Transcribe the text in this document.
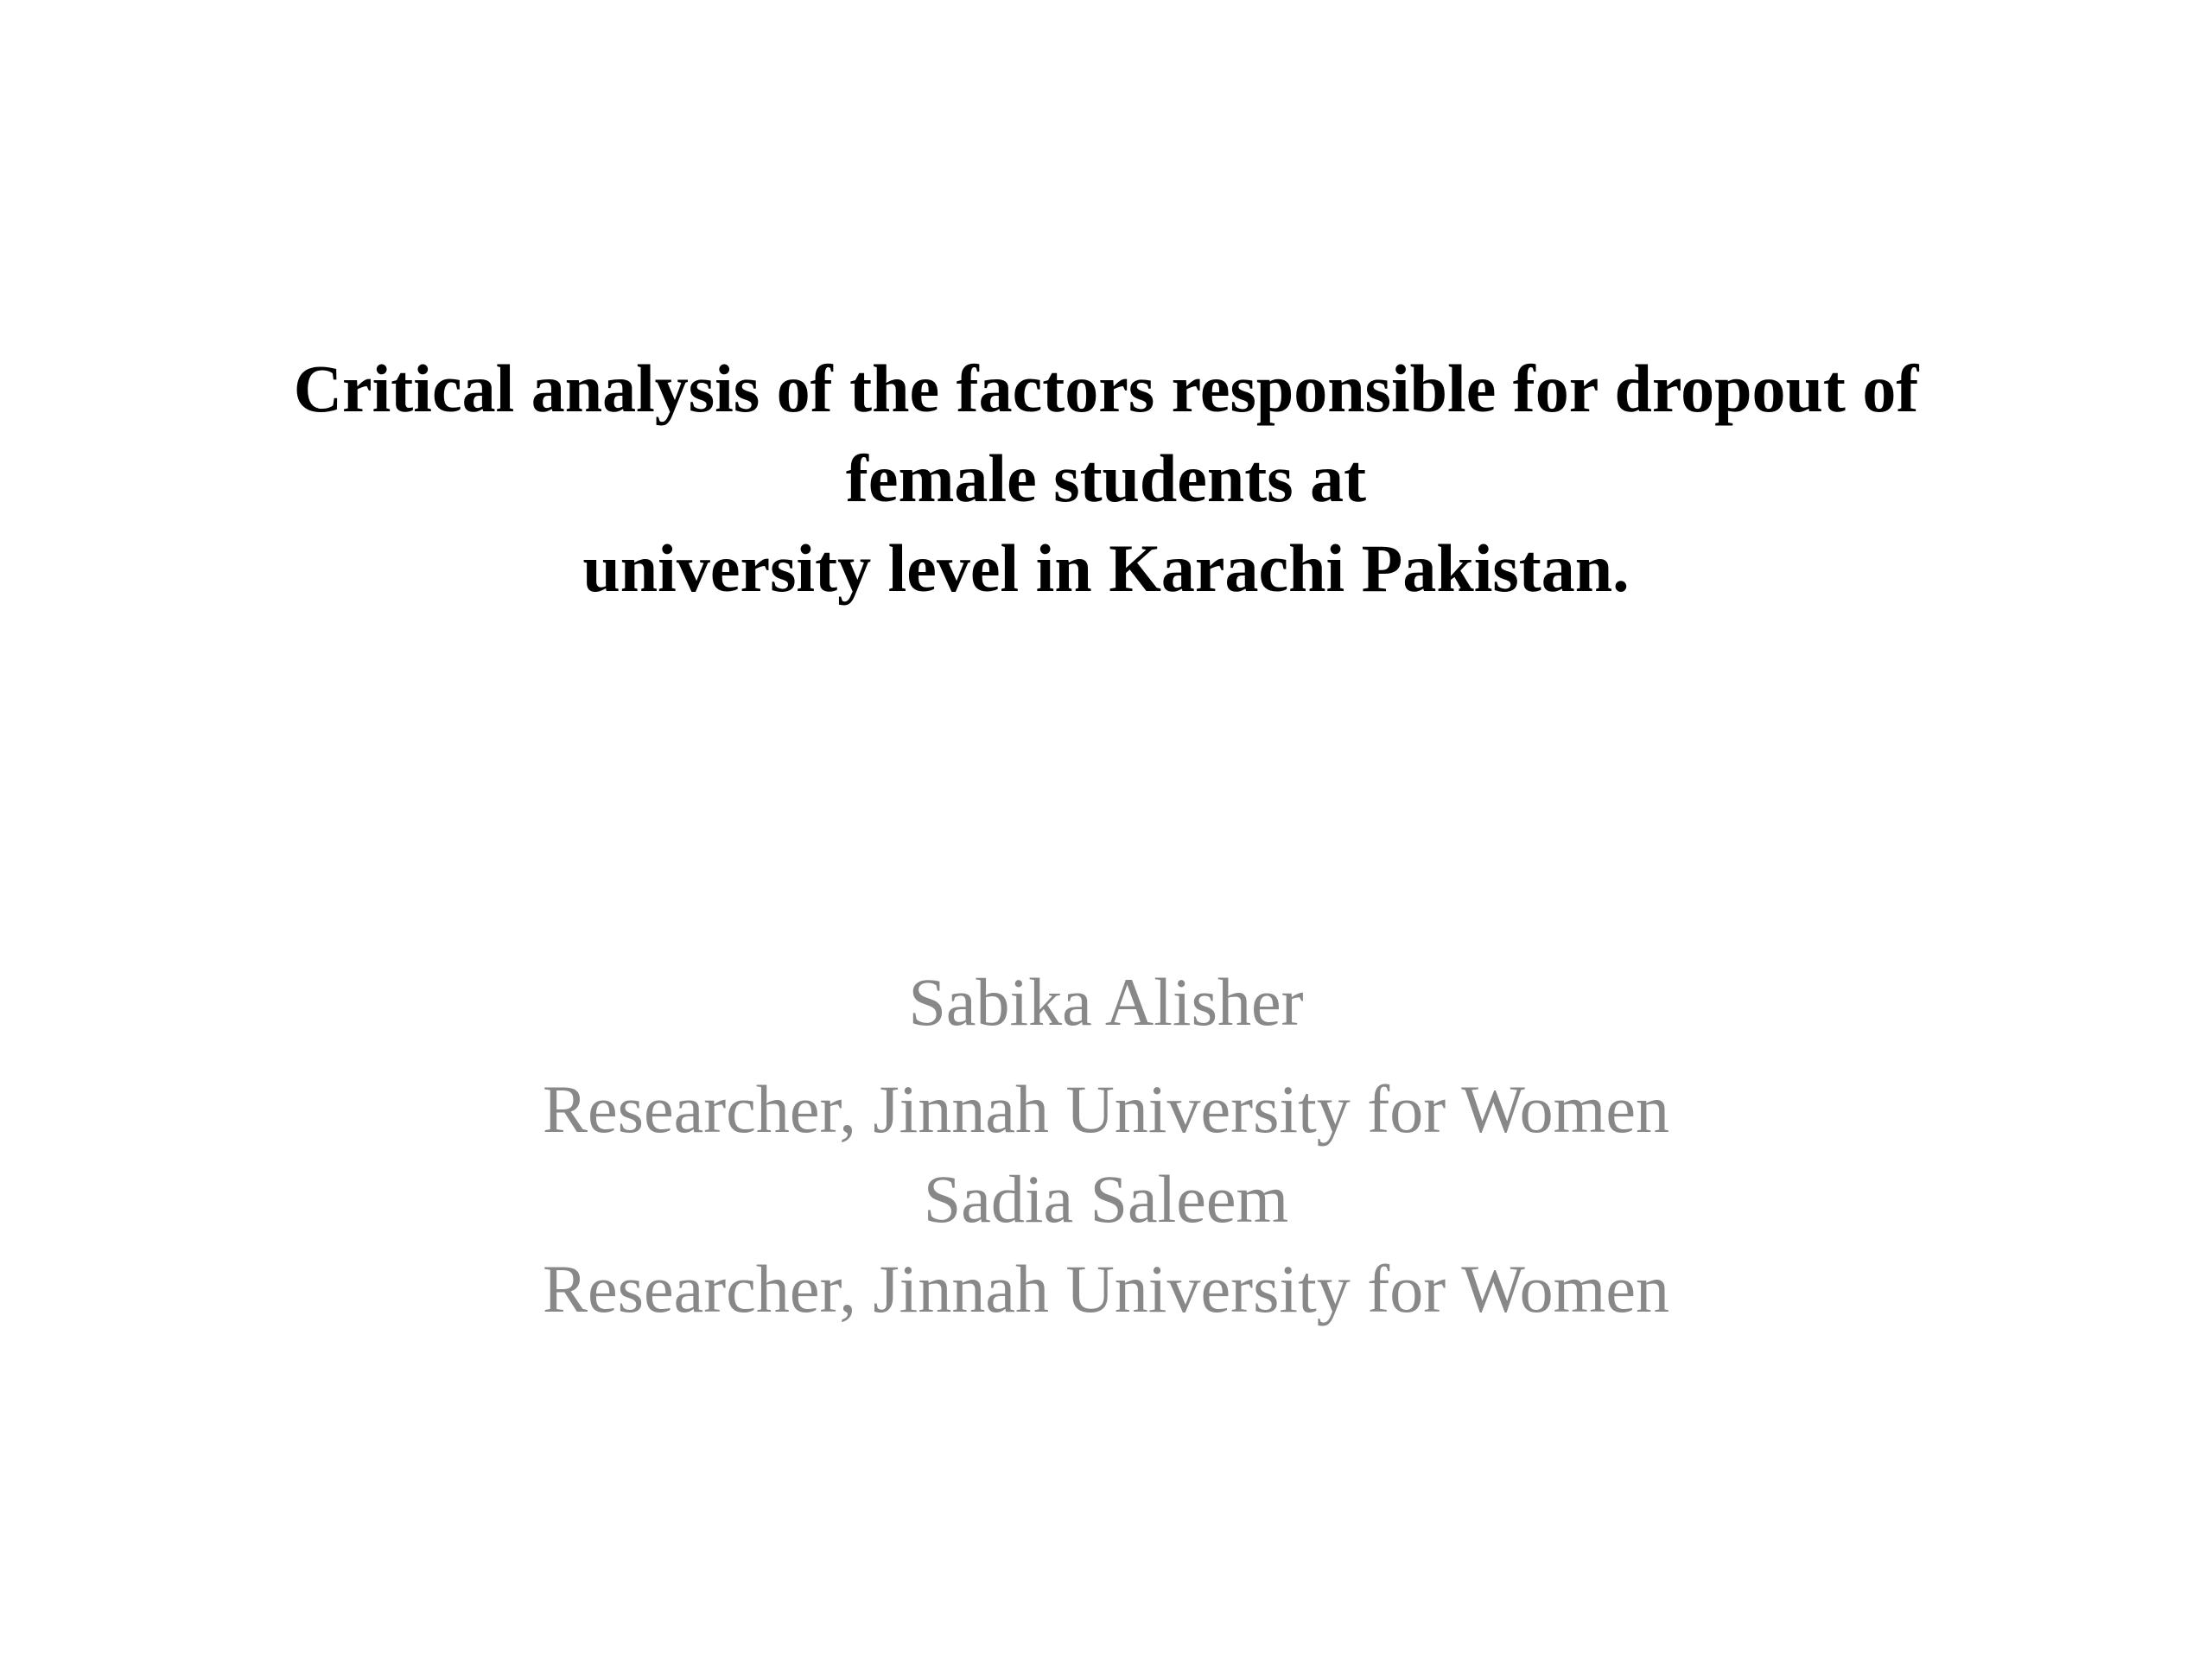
Critical analysis of the factors responsible for dropout of
female students at
university level in Karachi Pakistan.
Sabika Alisher
Researcher, Jinnah University for Women
Sadia Saleem
Researcher, Jinnah University for Women
